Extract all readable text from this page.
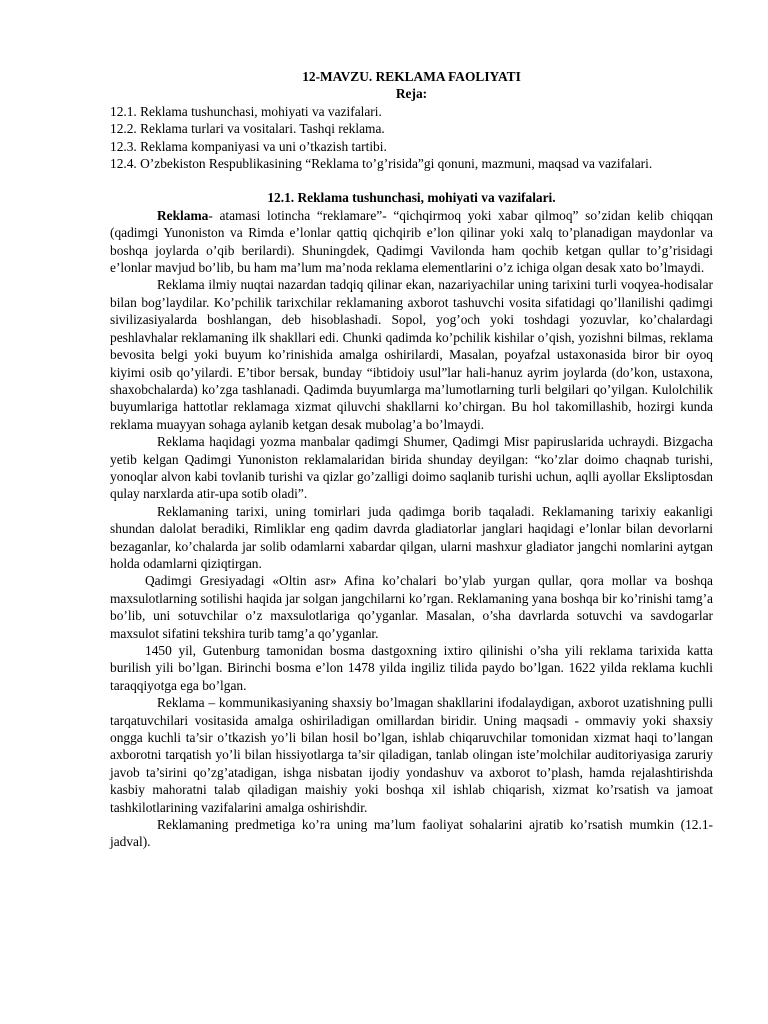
12-MAVZU. REKLAMA FAOLIYATI

Reja:

12.1. Reklama tushunchasi, mohiyati va vazifalari.

12.2. Reklama turlari va vositalari. Tashqi reklama.

12.3. Reklama kompaniyasi va uni o’tkazish tartibi.

12.4. O’zbekiston Respublikasining “Reklama to’g’risida”gi qonuni, mazmuni, maqsad va vazifalari.

12.1. Reklama tushunchasi, mohiyati va vazifalari.

Reklama- atamasi lotincha “reklamare”- “qichqirmoq yoki xabar qilmoq” so’zidan kelib chiqqan (qadimgi Yunoniston va Rimda e’lonlar qattiq qichqirib e’lon qilinar yoki xalq to’planadigan maydonlar va boshqa joylarda o’qib berilardi). Shuningdek, Qadimgi Vavilonda ham qochib ketgan qullar to’g’risidagi e’lonlar mavjud bo’lib, bu ham ma’lum ma’noda reklama elementlarini o’z ichiga olgan desak xato bo’lmaydi.

Reklama ilmiy nuqtai nazardan tadqiq qilinar ekan, nazariyachilar uning tarixini turli voqyea-hodisalar bilan bog’laydilar. Ko’pchilik tarixchilar reklamaning axborot tashuvchi vosita sifatidagi qo’llanilishi qadimgi sivilizasiyalarda boshlangan, deb hisoblashadi. Sopol, yog’och yoki toshdagi yozuvlar, ko’chalardagi peshlavhalar reklamaning ilk shakllari edi. Chunki qadimda ko’pchilik kishilar o’qish, yozishni bilmas, reklama bevosita belgi yoki buyum ko’rinishida amalga oshirilardi, Masalan, poyafzal ustaxonasida biror bir oyoq kiyimi osib qo’yilardi. E’tibor bersak, bunday “ibtidoiy usul”lar hali-hanuz ayrim joylarda (do’kon, ustaxona, shaxobchalarda) ko’zga tashlanadi. Qadimda buyumlarga ma’lumotlarning turli belgilari qo’yilgan. Kulolchilik buyumlariga hattotlar reklamaga xizmat qiluvchi shakllarni ko’chirgan. Bu hol takomillashib, hozirgi kunda reklama muayyan sohaga aylanib ketgan desak mubolag’a bo’lmaydi.

Reklama haqidagi yozma manbalar qadimgi Shumer, Qadimgi Misr papiruslarida uchraydi. Bizgacha yetib kelgan Qadimgi Yunoniston reklamalaridan birida shunday deyilgan: “ko’zlar doimo chaqnab turishi, yonoqlar alvon kabi tovlanib turishi va qizlar go’zalligi doimo saqlanib turishi uchun, aqlli ayollar Eksliptosdan qulay narxlarda atir-upa sotib oladi”.

Reklamaning tarixi, uning tomirlari juda qadimga borib taqaladi. Reklamaning tarixiy eakanligi shundan dalolat beradiki, Rimliklar eng qadim davrda gladiatorlar janglari haqidagi e’lonlar bilan devorlarni bezaganlar, ko’chalarda jar solib odamlarni xabardar qilgan, ularni mashxur gladiator jangchi nomlarini aytgan holda odamlarni qiziqtirgan.

Qadimgi Gresiyadagi «Oltin asr» Afina ko’chalari bo’ylab yurgan qullar, qora mollar va boshqa maxsulotlarning sotilishi haqida jar solgan jangchilarni ko’rgan. Reklamaning yana boshqa bir ko’rinishi tamg’a bo’lib, uni sotuvchilar o’z maxsulotlariga qo’yganlar. Masalan, o’sha davrlarda sotuvchi va savdogarlar maxsulot sifatini tekshira turib tamg’a qo’yganlar.

1450 yil, Gutenburg tamonidan bosma dastgoxning ixtiro qilinishi o’sha yili reklama tarixida katta burilish yili bo’lgan. Birinchi bosma e’lon 1478 yilda ingiliz tilida paydo bo’lgan. 1622 yilda reklama kuchli taraqqiyotga ega bo’lgan.

Reklama – kommunikasiyaning shaxsiy bo’lmagan shakllarini ifodalaydigan, axborot uzatishning pulli tarqatuvchilari vositasida amalga oshiriladigan omillardan biridir. Uning maqsadi - ommaviy yoki shaxsiy ongga kuchli ta’sir o’tkazish yo’li bilan hosil bo’lgan, ishlab chiqaruvchilar tomonidan xizmat haqi to’langan axborotni tarqatish yo’li bilan hissiyotlarga ta’sir qiladigan, tanlab olingan iste’molchilar auditoriyasiga zaruriy javob ta’sirini qo’zg’atadigan, ishga nisbatan ijodiy yondashuv va axborot to’plash, hamda rejalashtirishda kasbiy mahoratni talab qiladigan maishiy yoki boshqa xil ishlab chiqarish, xizmat ko’rsatish va jamoat tashkilotlarining vazifalarini amalga oshirishdir.

Reklamaning predmetiga ko’ra uning ma’lum faoliyat sohalarini ajratib ko’rsatish mumkin (12.1-jadval).
